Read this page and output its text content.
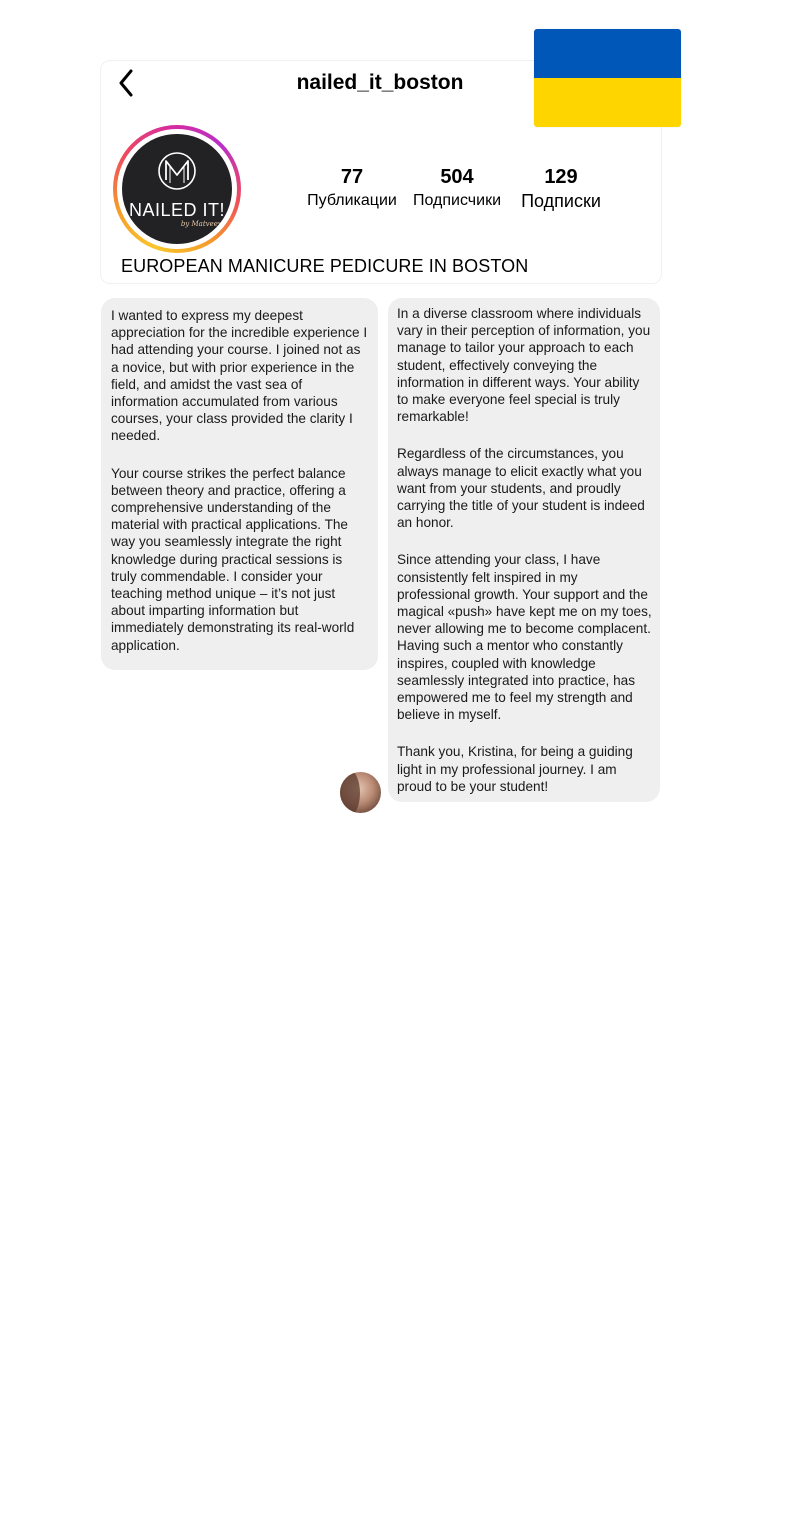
nailed_it_boston
NAILED IT!
by Matveeva
77
Публикации
504
Подписчики
129
Подписки
EUROPEAN MANICURE PEDICURE IN BOSTON

I wanted to express my deepest appreciation for the incredible experience I had attending your course. I joined not as a novice, but with prior experience in the field, and amidst the vast sea of information accumulated from various courses, your class provided the clarity I needed.

Your course strikes the perfect balance between theory and practice, offering a comprehensive understanding of the material with practical applications. The way you seamlessly integrate the right knowledge during practical sessions is truly commendable. I consider your teaching method unique – it’s not just about imparting information but immediately demonstrating its real-world application.

In a diverse classroom where individuals vary in their perception of information, you manage to tailor your approach to each student, effectively conveying the information in different ways. Your ability to make everyone feel special is truly remarkable!

Regardless of the circumstances, you always manage to elicit exactly what you want from your students, and proudly carrying the title of your student is indeed an honor.

Since attending your class, I have consistently felt inspired in my professional growth. Your support and the magical «push» have kept me on my toes, never allowing me to become complacent. Having such a mentor who constantly inspires, coupled with knowledge seamlessly integrated into practice, has empowered me to feel my strength and believe in myself.

Thank you, Kristina, for being a guiding light in my professional journey. I am proud to be your student!
